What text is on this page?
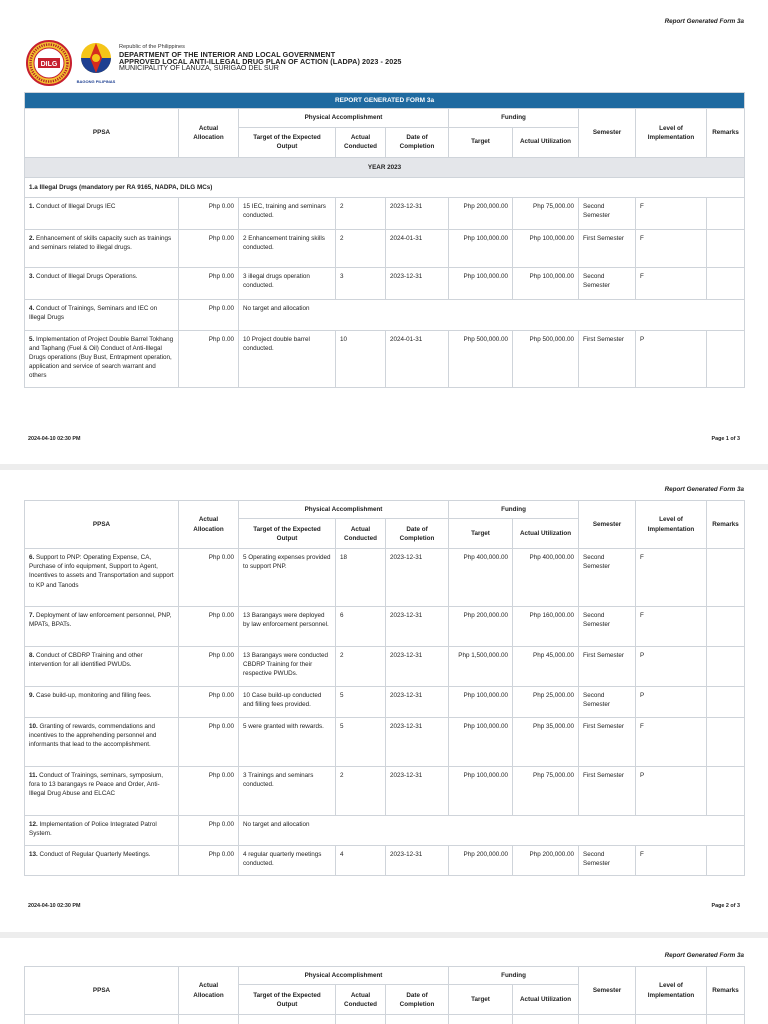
Report Generated Form 3a
DILG
BAGONG PILIPINAS
Republic of the Philippines
DEPARTMENT OF THE INTERIOR AND LOCAL GOVERNMENT
APPROVED LOCAL ANTI-ILLEGAL DRUG PLAN OF ACTION (LADPA) 2023 - 2025
MUNICIPALITY OF LANUZA, SURIGAO DEL SUR
REPORT GENERATED FORM 3a									
PPSA	Actual Allocation	Physical Accomplishment			Funding		Semester	Level of Implementation	Remarks
		Target of the Expected Output	Actual Conducted	Date of Completion	Target	Actual Utilization			
YEAR 2023									
1.a Illegal Drugs (mandatory per RA 9165, NADPA, DILG MCs)									
1. Conduct of Illegal Drugs IEC	Php 0.00	15 IEC, training and seminars conducted.	2	2023-12-31	Php 200,000.00	Php 75,000.00	Second Semester	F	
2. Enhancement of skills capacity such as trainings and seminars related to illegal drugs.	Php 0.00	2 Enhancement training skills conducted.	2	2024-01-31	Php 100,000.00	Php 100,000.00	First Semester	F	
3. Conduct of Illegal Drugs Operations.	Php 0.00	3 illegal drugs operation conducted.	3	2023-12-31	Php 100,000.00	Php 100,000.00	Second Semester	F	
4. Conduct of Trainings, Seminars and IEC on Illegal Drugs	Php 0.00	No target and allocation							
5. Implementation of Project Double Barrel Tokhang and Taphang (Fuel & Oil) Conduct of Anti-Illegal Drugs operations (Buy Bust, Entrapment operation, application and service of search warrant and others	Php 0.00	10 Project double barrel conducted.	10	2024-01-31	Php 500,000.00	Php 500,000.00	First Semester	P	
2024-04-10 02:30 PM	Page 1 of 3
Report Generated Form 3a
PPSA	Actual Allocation	Physical Accomplishment			Funding		Semester	Level of Implementation	Remarks
		Target of the Expected Output	Actual Conducted	Date of Completion	Target	Actual Utilization			
6. Support to PNP: Operating Expense, CA, Purchase of info equipment, Support to Agent, Incentives to assets and Transportation and support to KP and Tanods	Php 0.00	5 Operating expenses provided to support PNP.	18	2023-12-31	Php 400,000.00	Php 400,000.00	Second Semester	F	
7. Deployment of law enforcement personnel, PNP, MPATs, BPATs.	Php 0.00	13 Barangays were deployed by law enforcement personnel.	6	2023-12-31	Php 200,000.00	Php 160,000.00	Second Semester	F	
8. Conduct of CBDRP Training and other intervention for all identified PWUDs.	Php 0.00	13 Barangays were conducted CBDRP Training for their respective PWUDs.	2	2023-12-31	Php 1,500,000.00	Php 45,000.00	First Semester	P	
9. Case build-up, monitoring and filling fees.	Php 0.00	10 Case build-up conducted and filling fees provided.	5	2023-12-31	Php 100,000.00	Php 25,000.00	Second Semester	P	
10. Granting of rewards, commendations and incentives to the apprehending personnel and informants that lead to the accomplishment.	Php 0.00	5 were granted with rewards.	5	2023-12-31	Php 100,000.00	Php 35,000.00	First Semester	F	
11. Conduct of Trainings, seminars, symposium, fora to 13 barangays re Peace and Order, Anti-Illegal Drug Abuse and ELCAC	Php 0.00	3 Trainings and seminars conducted.	2	2023-12-31	Php 100,000.00	Php 75,000.00	First Semester	P	
12. Implementation of Police Integrated Patrol System.	Php 0.00	No target and allocation							
13. Conduct of Regular Quarterly Meetings.	Php 0.00	4 regular quarterly meetings conducted.	4	2023-12-31	Php 200,000.00	Php 200,000.00	Second Semester	F	
2024-04-10 02:30 PM	Page 2 of 3
Report Generated Form 3a
PPSA	Actual Allocation	Physical Accomplishment			Funding		Semester	Level of Implementation	Remarks
		Target of the Expected Output	Actual Conducted	Date of Completion	Target	Actual Utilization			
